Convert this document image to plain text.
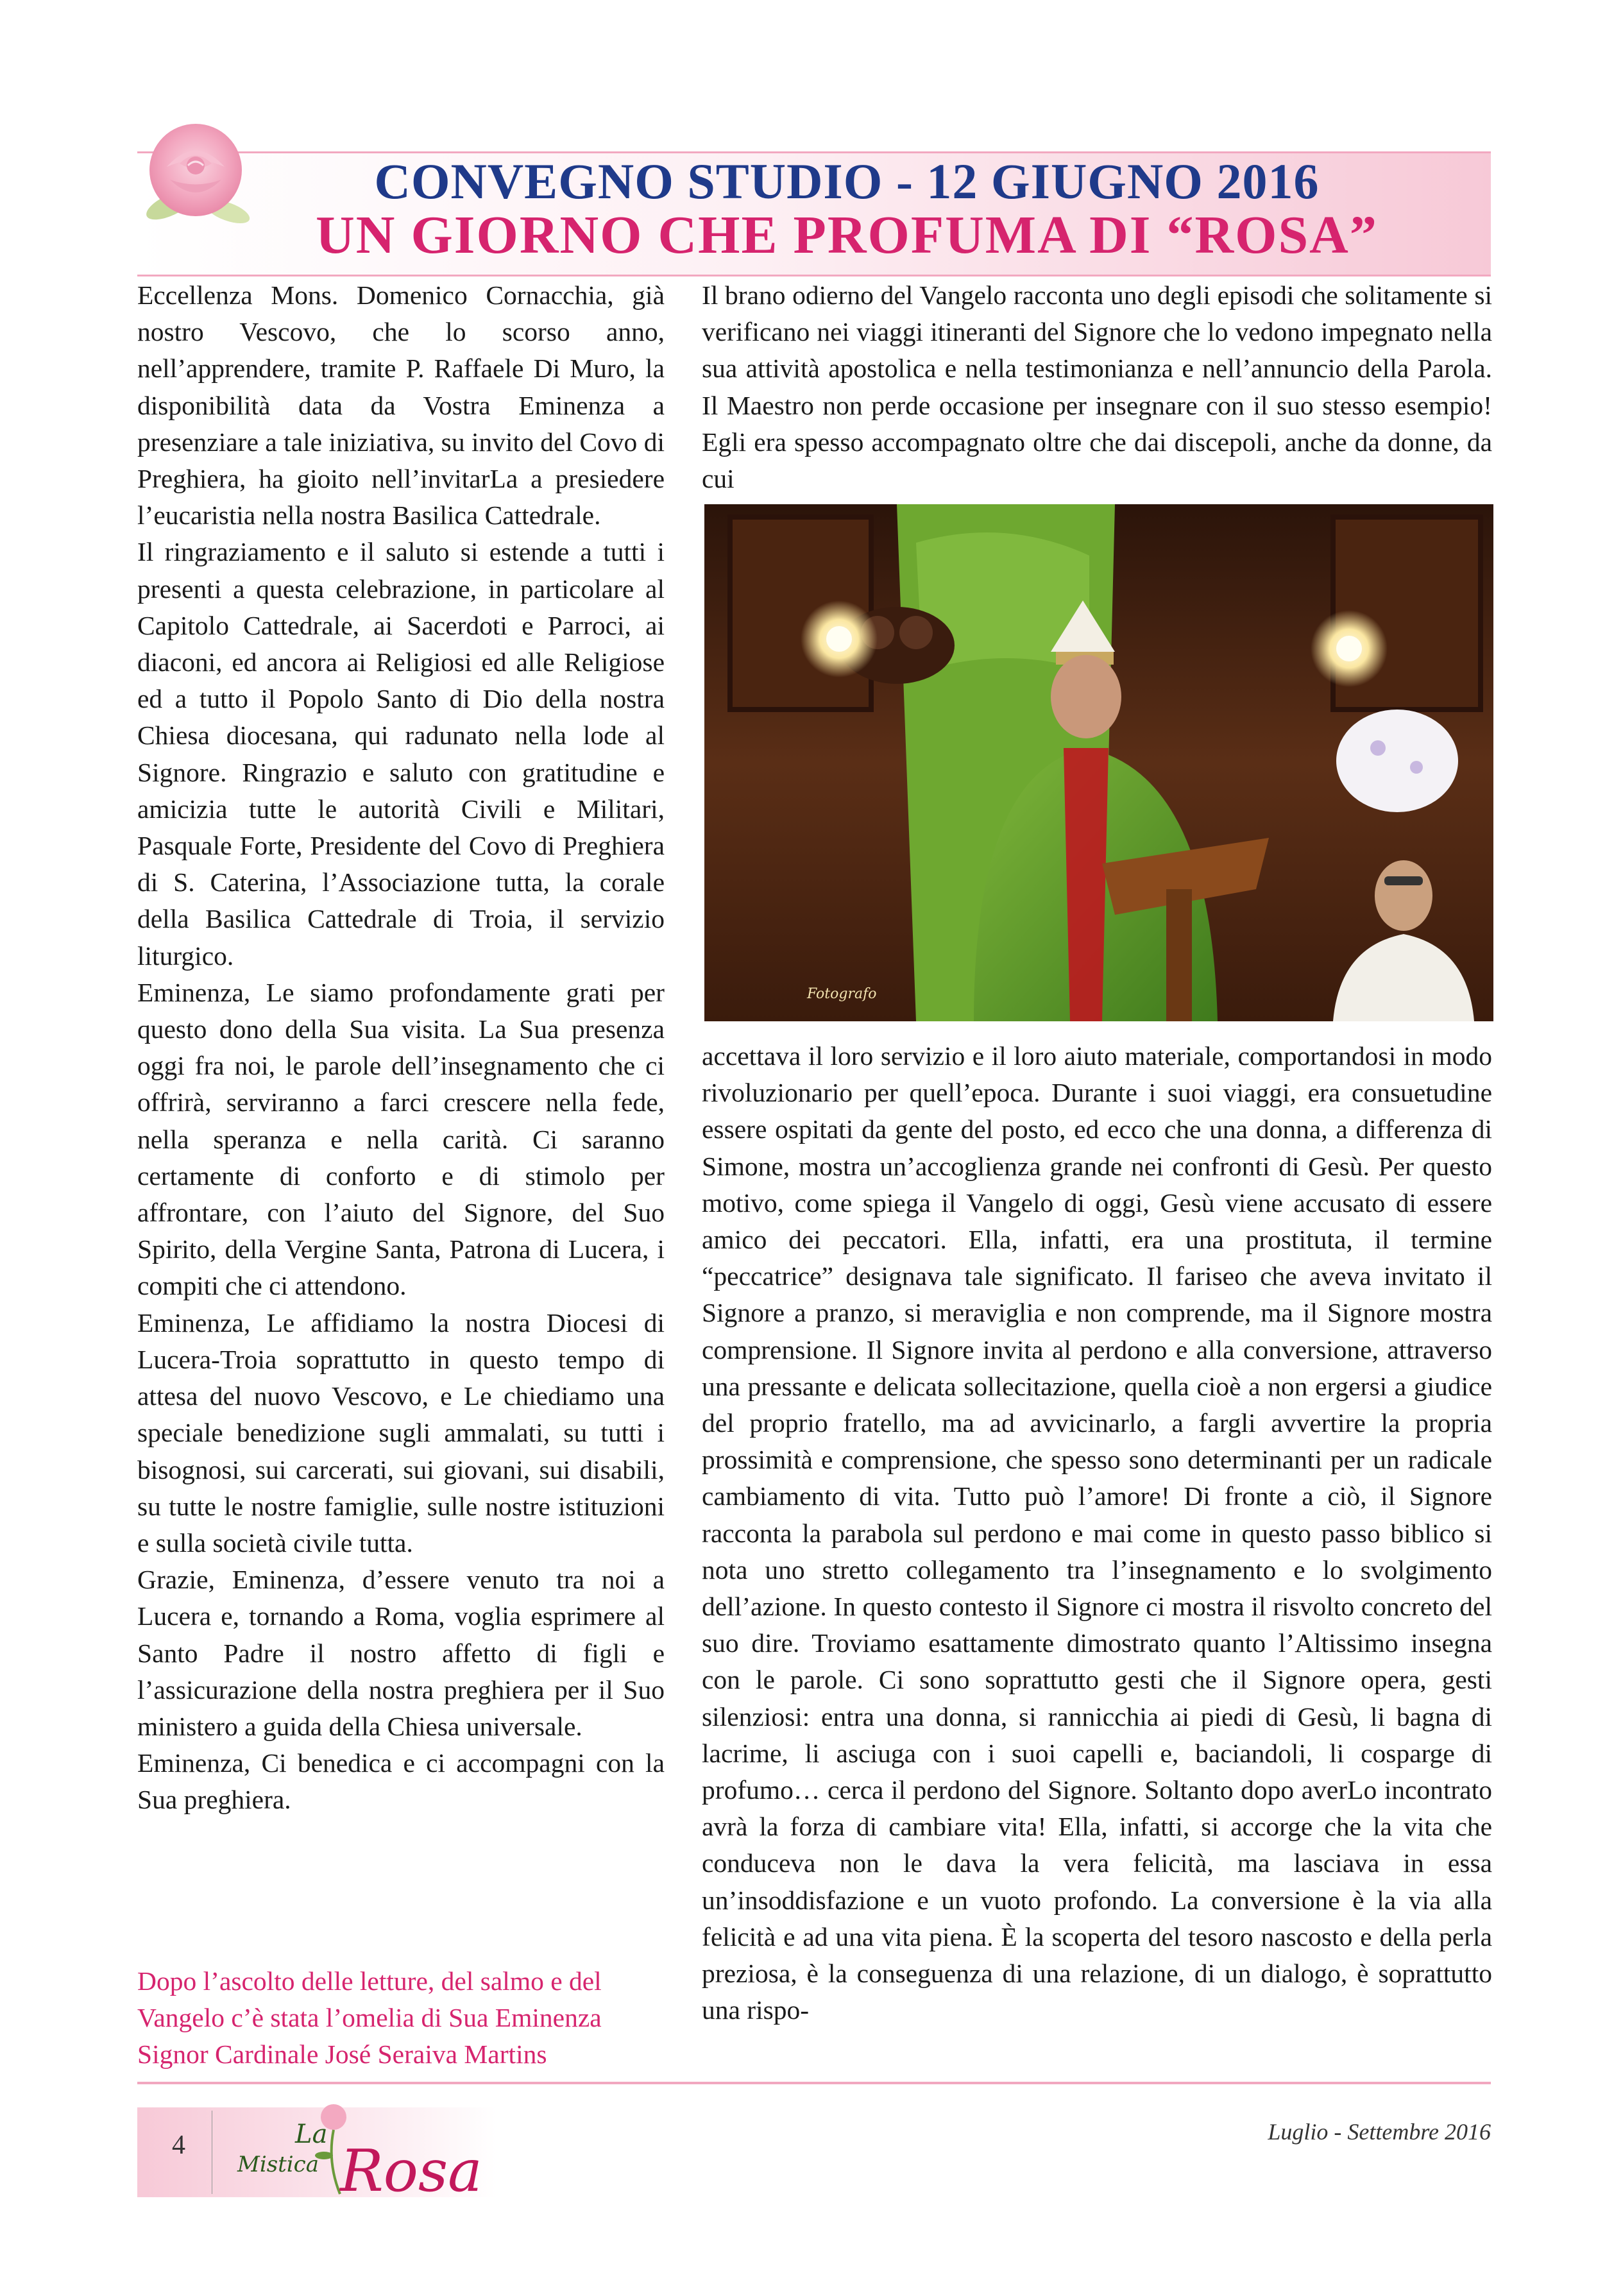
CONVEGNO STUDIO - 12 GIUGNO 2016
UN GIORNO CHE PROFUMA DI “ROSA”

Eccellenza Mons. Domenico Cornacchia, già nostro Vescovo, che lo scorso anno, nell’apprendere, tramite P. Raffaele Di Muro, la disponibilità data da Vostra Eminenza a presenziare a tale iniziativa, su invito del Covo di Preghiera, ha gioito nell’invitarLa a presiedere l’eucaristia nella nostra Basilica Cattedrale.

Il ringraziamento e il saluto si estende a tutti i presenti a questa celebrazione, in particolare al Capitolo Cattedrale, ai Sacerdoti e Parroci, ai diaconi, ed ancora ai Religiosi ed alle Religiose ed a tutto il Popolo Santo di Dio della nostra Chiesa diocesana, qui radunato nella lode al Signore. Ringrazio e saluto con gratitudine e amicizia tutte le autorità Civili e Militari, Pasquale Forte, Presidente del Covo di Preghiera di S. Caterina, l’Associazione tutta, la corale della Basilica Cattedrale di Troia, il servizio liturgico.

Eminenza, Le siamo profondamente grati per questo dono della Sua visita. La Sua presenza oggi fra noi, le parole dell’insegnamento che ci offrirà, serviranno a farci crescere nella fede, nella speranza e nella carità. Ci saranno certamente di conforto e di stimolo per affrontare, con l’aiuto del Signore, del Suo Spirito, della Vergine Santa, Patrona di Lucera, i compiti che ci attendono.

Eminenza, Le affidiamo la nostra Diocesi di Lucera-Troia soprattutto in questo tempo di attesa del nuovo Vescovo, e Le chiediamo una speciale benedizione sugli ammalati, su tutti i bisognosi, sui carcerati, sui giovani, sui disabili, su tutte le nostre famiglie, sulle nostre istituzioni e sulla società civile tutta.

Grazie, Eminenza, d’essere venuto tra noi a Lucera e, tornando a Roma, voglia esprimere al Santo Padre il nostro affetto di figli e l’assicurazione della nostra preghiera per il Suo ministero a guida della Chiesa universale.

Eminenza, Ci benedica e ci accompagni con la Sua preghiera.

Dopo l’ascolto delle letture, del salmo e del Vangelo c’è stata l’omelia di Sua Eminenza Signor Cardinale José Seraiva Martins

Il brano odierno del Vangelo racconta uno degli episodi che solitamente si verificano nei viaggi itineranti del Signore che lo vedono impegnato nella sua attività apostolica e nella testimonianza e nell’annuncio della Parola. Il Maestro non perde occasione per insegnare con il suo stesso esempio! Egli era spesso accompagnato oltre che dai discepoli, anche da donne, da cui

Fotografo

accettava il loro servizio e il loro aiuto materiale, comportandosi in modo rivoluzionario per quell’epoca. Durante i suoi viaggi, era consuetudine essere ospitati da gente del posto, ed ecco che una donna, a differenza di Simone, mostra un’accoglienza grande nei confronti di Gesù. Per questo motivo, come spiega il Vangelo di oggi, Gesù viene accusato di essere amico dei peccatori. Ella, infatti, era una prostituta, il termine “peccatrice” designava tale significato. Il fariseo che aveva invitato il Signore a pranzo, si meraviglia e non comprende, ma il Signore mostra comprensione. Il Signore invita al perdono e alla conversione, attraverso una pressante e delicata sollecitazione, quella cioè a non ergersi a giudice del proprio fratello, ma ad avvicinarlo, a fargli avvertire la propria prossimità e comprensione, che spesso sono determinanti per un radicale cambiamento di vita. Tutto può l’amore! Di fronte a ciò, il Signore racconta la parabola sul perdono e mai come in questo passo biblico si nota uno stretto collegamento tra l’insegnamento e lo svolgimento dell’azione. In questo contesto il Signore ci mostra il risvolto concreto del suo dire. Troviamo esattamente dimostrato quanto l’Altissimo insegna con le parole. Ci sono soprattutto gesti che il Signore opera, gesti silenziosi: entra una donna, si rannicchia ai piedi di Gesù, li bagna di lacrime, li asciuga con i suoi capelli e, baciandoli, li cosparge di profumo… cerca il perdono del Signore. Soltanto dopo averLo incontrato avrà la forza di cambiare vita! Ella, infatti, si accorge che la vita che conduceva non le dava la vera felicità, ma lasciava in essa un’insoddisfazione e un vuoto profondo. La conversione è la via alla felicità e ad una vita piena. È la scoperta del tesoro nascosto e della perla preziosa, è la conseguenza di una relazione, di un dialogo, è soprattutto una rispo-

4	La
Mistica Rosa
Luglio - Settembre 2016
